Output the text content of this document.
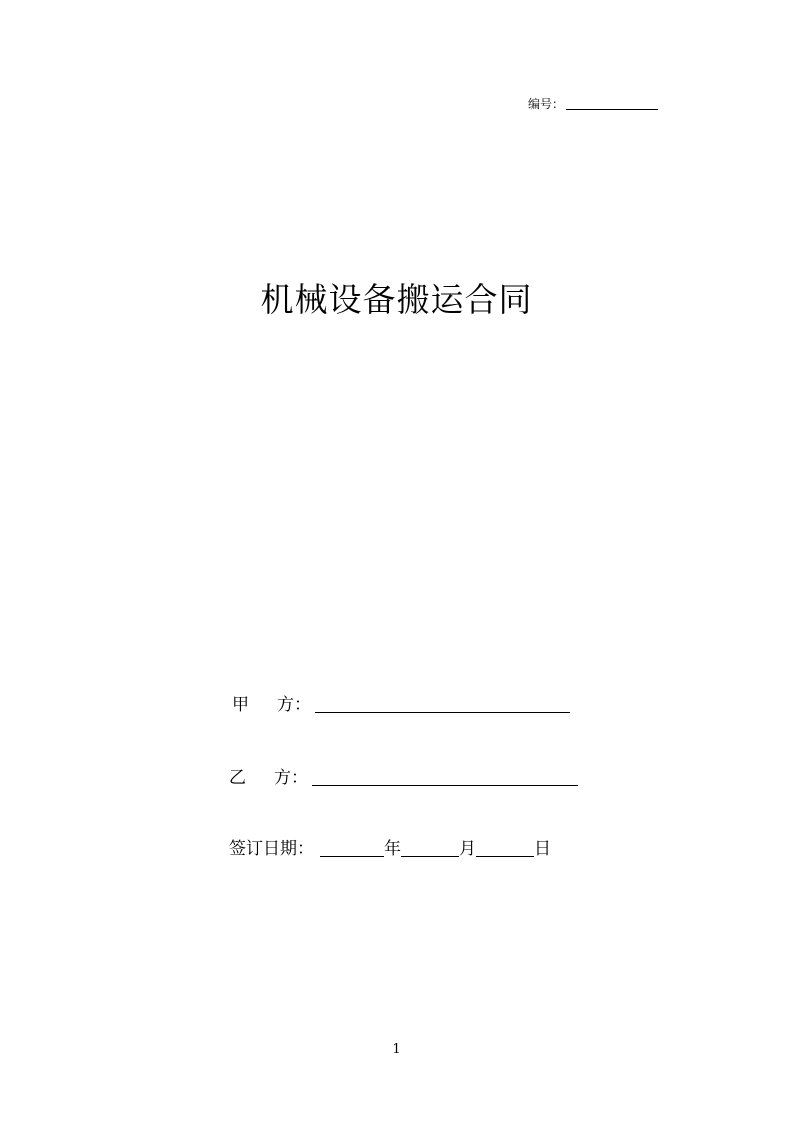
编号：
机械设备搬运合同
甲 方：
乙 方：
签订日期：	年	月	日
1
